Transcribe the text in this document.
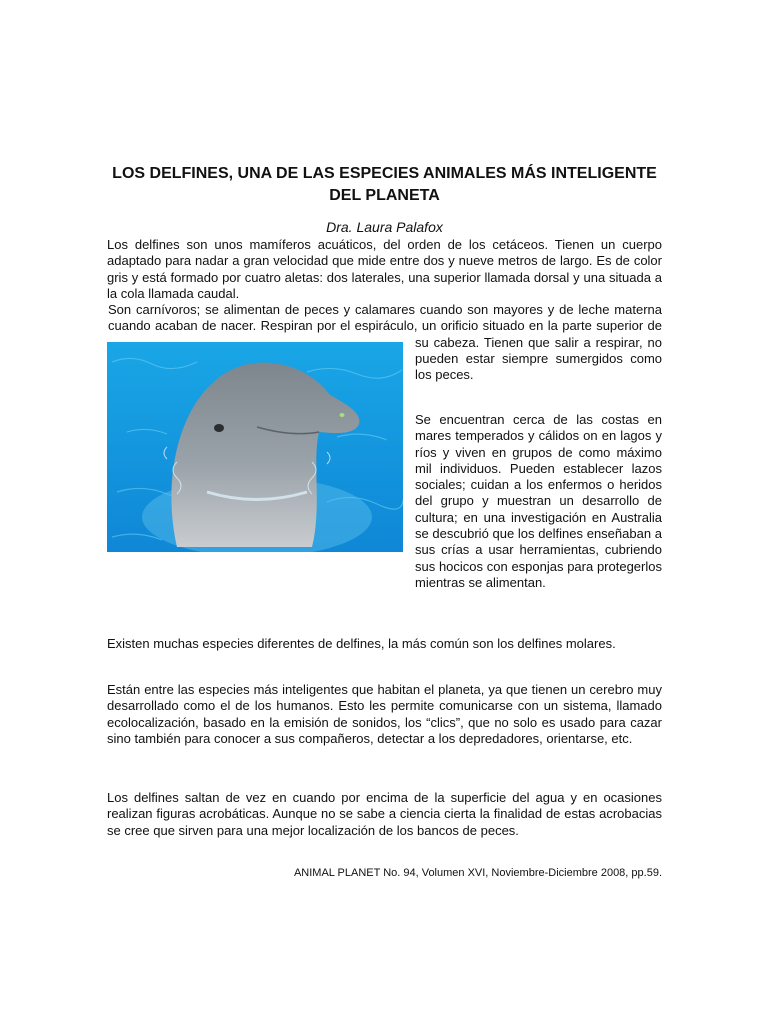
LOS DELFINES, UNA DE LAS ESPECIES ANIMALES MÁS INTELIGENTE DEL PLANETA

Dra. Laura Palafox

Los delfines son unos mamíferos acuáticos, del orden de los cetáceos. Tienen un cuerpo adaptado para nadar a gran velocidad que mide entre dos y nueve metros de largo. Es de color gris y está formado por cuatro aletas: dos laterales, una superior llamada dorsal y una situada a la cola llamada caudal.

Son carnívoros; se alimentan de peces y calamares cuando son mayores y de leche materna cuando acaban de nacer. Respiran por el espiráculo, un orificio situado en la parte superior de su cabeza. Tienen que salir a respirar, no pueden estar siempre sumergidos como los peces.

Se encuentran cerca de las costas en mares temperados y cálidos on en lagos y ríos y viven en grupos de como máximo mil individuos. Pueden establecer lazos sociales; cuidan a los enfermos o heridos del grupo y muestran un desarrollo de cultura; en una investigación en Australia se descubrió que los delfines enseñaban a sus crías a usar herramientas, cubriendo sus hocicos con esponjas para protegerlos mientras se alimentan.

Existen muchas especies diferentes de delfines, la más común son los delfines molares.

Están entre las especies más inteligentes que habitan el planeta, ya que tienen un cerebro muy desarrollado como el de los humanos. Esto les permite comunicarse con un sistema, llamado ecolocalización, basado en la emisión de sonidos, los “clics”, que no solo es usado para cazar sino también para conocer a sus compañeros, detectar a los depredadores, orientarse, etc.

Los delfines saltan de vez en cuando por encima de la superficie del agua y en ocasiones realizan figuras acrobáticas. Aunque no se sabe a ciencia cierta la finalidad de estas acrobacias se cree que sirven para una mejor localización de los bancos de peces.

ANIMAL PLANET No. 94, Volumen XVI, Noviembre-Diciembre 2008, pp.59.
